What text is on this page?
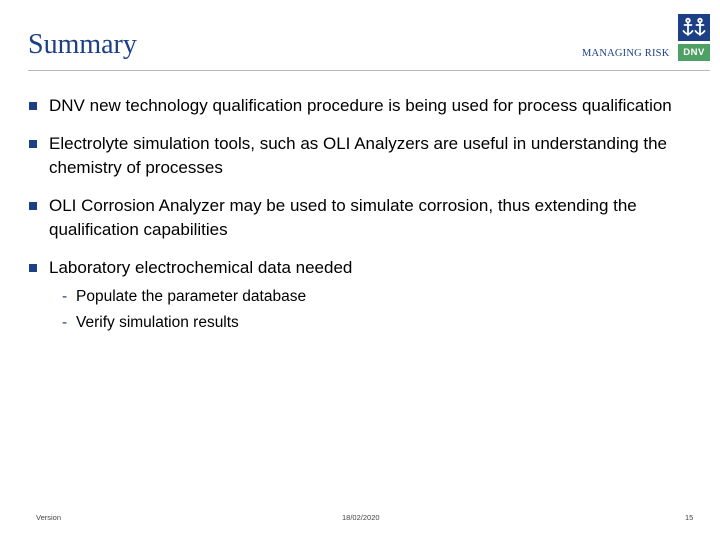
Summary	MANAGING RISK	DNV
DNV new technology qualification procedure is being used for process qualification
Electrolyte simulation tools, such as OLI Analyzers are useful in understanding the chemistry of processes
OLI Corrosion Analyzer may be used to simulate corrosion, thus extending the qualification capabilities
Laboratory electrochemical data needed
- Populate the parameter database
- Verify simulation results
Version	18/02/2020	15
